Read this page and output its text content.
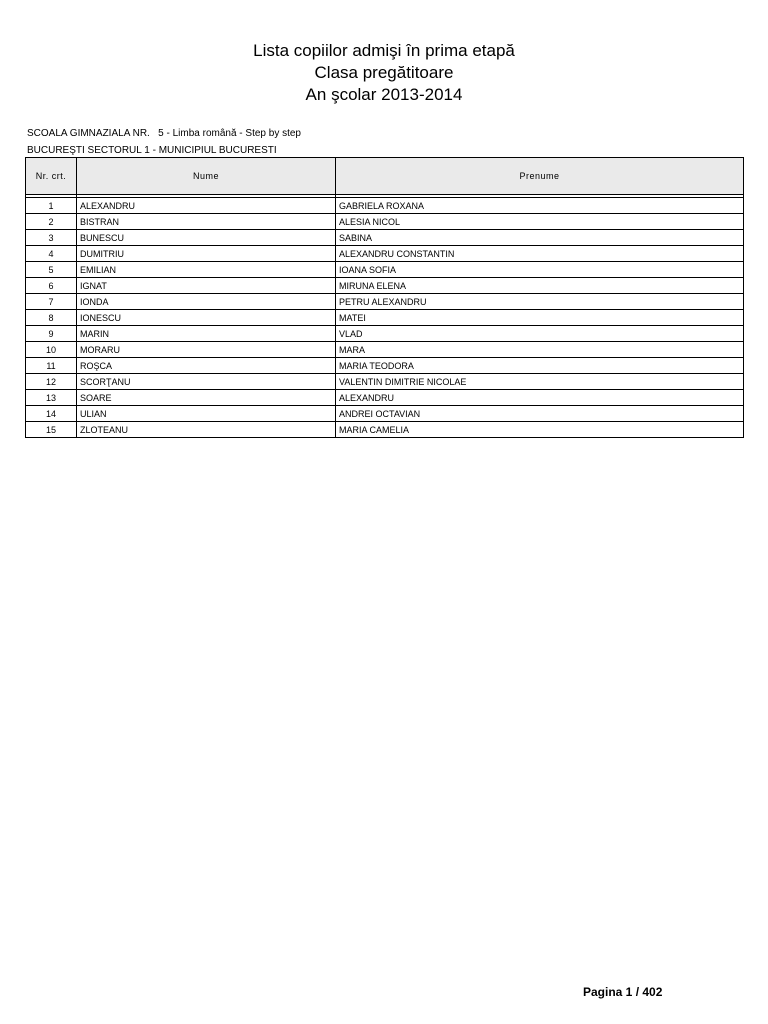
Lista copiilor admişi în prima etapă
Clasa pregătitoare
An şcolar 2013-2014
SCOALA GIMNAZIALA NR.   5 - Limba română - Step by step
BUCUREŞTI SECTORUL 1 - MUNICIPIUL BUCURESTI
Nr. crt.	Nume	Prenume

1	ALEXANDRU	GABRIELA ROXANA
2	BISTRAN	ALESIA NICOL
3	BUNESCU	SABINA
4	DUMITRIU	ALEXANDRU CONSTANTIN
5	EMILIAN	IOANA SOFIA
6	IGNAT	MIRUNA ELENA
7	IONDA	PETRU ALEXANDRU
8	IONESCU	MATEI
9	MARIN	VLAD
10	MORARU	MARA
11	ROŞCA	MARIA TEODORA
12	SCORŢANU	VALENTIN DIMITRIE NICOLAE
13	SOARE	ALEXANDRU
14	ULIAN	ANDREI OCTAVIAN
15	ZLOTEANU	MARIA CAMELIA
Pagina 1 / 402
